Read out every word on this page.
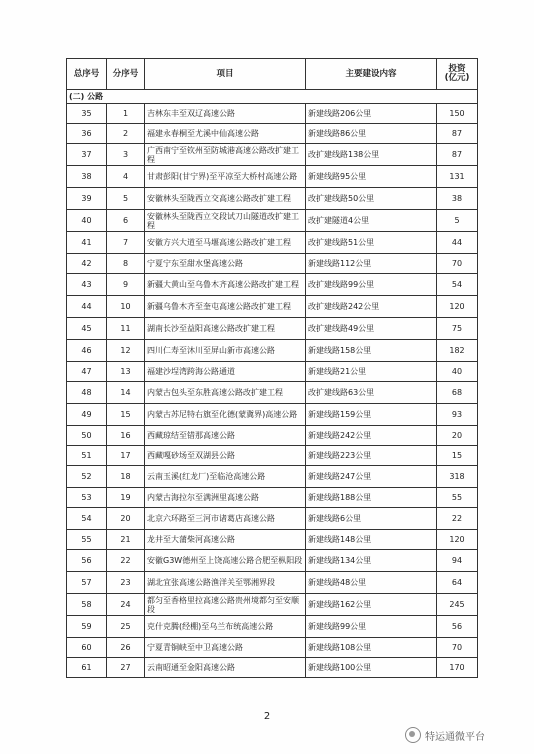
总序号	分序号	项目	主要建设内容	投资
(亿元)
(二) 公路				
35	1	吉林东丰至双辽高速公路	新建线路206公里	150
36	2	福建永春桐至尤溪中仙高速公路	新建线路86公里	87
37	3	广西南宁至钦州至防城港高速公路改扩建工程	改扩建线路138公里	87
38	4	甘肃彭阳(甘宁界)至平凉至大桥村高速公路	新建线路95公里	131
39	5	安徽林头至陇西立交高速公路改扩建工程	改扩建线路50公里	38
40	6	安徽林头至陇西立交段试刀山隧道改扩建工程	改扩建隧道4公里	5
41	7	安徽方兴大道至马堰高速公路改扩建工程	改扩建线路51公里	44
42	8	宁夏宁东至甜水堡高速公路	新建线路112公里	70
43	9	新疆大黄山至乌鲁木齐高速公路改扩建工程	改扩建线路99公里	54
44	10	新疆乌鲁木齐至奎屯高速公路改扩建工程	改扩建线路242公里	120
45	11	湖南长沙至益阳高速公路改扩建工程	改扩建线路49公里	75
46	12	四川仁寿至沐川至屏山新市高速公路	新建线路158公里	182
47	13	福建沙埕湾跨海公路通道	新建线路21公里	40
48	14	内蒙古包头至东胜高速公路改扩建工程	改扩建线路63公里	68
49	15	内蒙古苏尼特右旗至化德(蒙冀界)高速公路	新建线路159公里	93
50	16	西藏琼结至错那高速公路	新建线路242公里	20
51	17	西藏嘎砂场至双湖县公路	新建线路223公里	15
52	18	云南玉溪(红龙厂)至临沧高速公路	新建线路247公里	318
53	19	内蒙古海拉尔至满洲里高速公路	新建线路188公里	55
54	20	北京六环路至三河市诸葛店高速公路	新建线路6公里	22
55	21	龙井至大蒲柴河高速公路	新建线路148公里	120
56	22	安徽G3W德州至上饶高速公路合肥至枞阳段	新建线路134公里	94
57	23	湖北宜张高速公路渔洋关至鄂湘界段	新建线路48公里	64
58	24	都匀至香格里拉高速公路贵州境都匀至安顺段	新建线路162公里	245
59	25	克什克腾(经棚)至乌兰布统高速公路	新建线路99公里	56
60	26	宁夏青铜峡至中卫高速公路	新建线路108公里	70
61	27	云南昭通至金阳高速公路	新建线路100公里	170
2
特运通微平台
